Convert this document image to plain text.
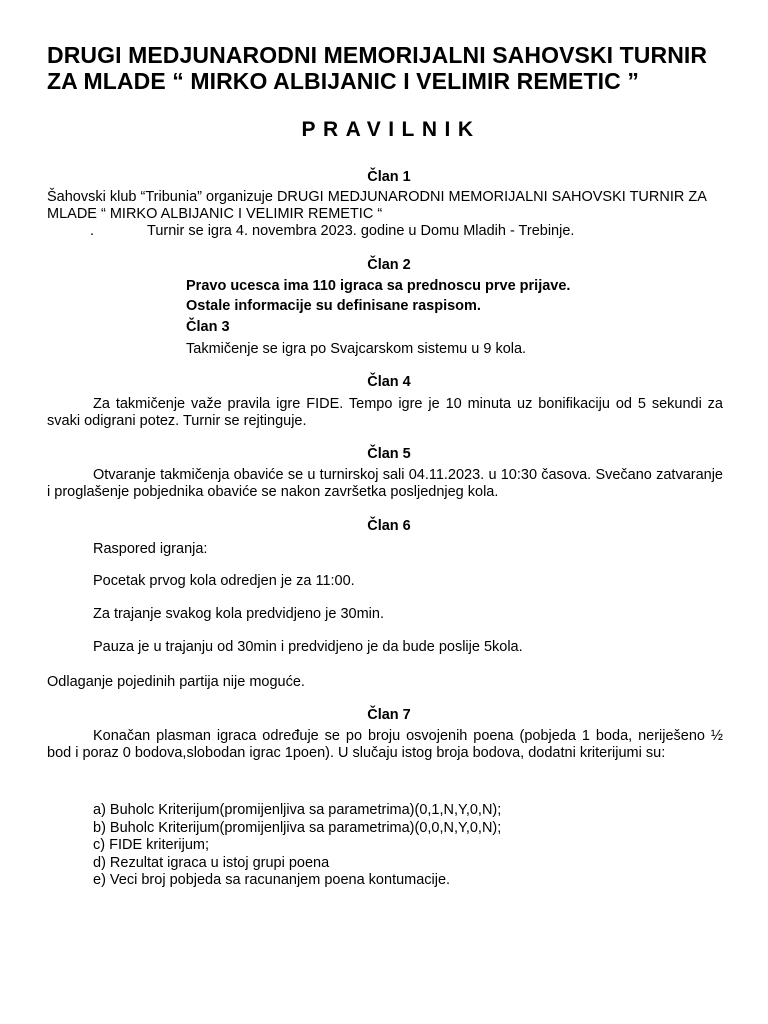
DRUGI MEDJUNARODNI MEMORIJALNI SAHOVSKI TURNIR
ZA MLADE “ MIRKO ALBIJANIC I VELIMIR REMETIC ”
PRAVILNIK
Član 1
Šahovski klub “Tribunia” organizuje DRUGI MEDJUNARODNI MEMORIJALNI SAHOVSKI TURNIR ZA MLADE “ MIRKO ALBIJANIC I VELIMIR REMETIC “
.	Turnir se igra 4. novembra 2023. godine u Domu Mladih - Trebinje.
Član 2
Pravo ucesca ima 110 igraca sa prednoscu prve prijave.
Ostale informacije su definisane raspisom.
Član 3
Takmičenje se igra po Svajcarskom sistemu u 9 kola.
Član 4
Za takmičenje važe pravila igre FIDE. Tempo igre je 10 minuta uz bonifikaciju od 5 sekundi za svaki odigrani potez. Turnir se rejtinguje.
Član 5
Otvaranje takmičenja obaviće se u turnirskoj sali 04.11.2023. u 10:30 časova. Svečano zatvaranje i proglašenje pobjednika obaviće se nakon završetka posljednjeg kola.
Član 6
Raspored igranja:
Pocetak prvog kola odredjen je za 11:00.
Za trajanje svakog kola predvidjeno je 30min.
Pauza je u trajanju od 30min i predvidjeno je da bude poslije 5kola.
Odlaganje pojedinih partija nije moguće.
Član 7
Konačan plasman igraca određuje se po broju osvojenih poena (pobjeda 1 boda, neriješeno ½ bod i poraz 0 bodova,slobodan igrac 1poen). U slučaju istog broja bodova, dodatni kriterijumi su:
a) Buholc Kriterijum(promijenljiva sa parametrima)(0,1,N,Y,0,N);
b) Buholc Kriterijum(promijenljiva sa parametrima)(0,0,N,Y,0,N);
c) FIDE kriterijum;
d) Rezultat igraca u istoj grupi poena
e) Veci broj pobjeda sa racunanjem poena kontumacije.
